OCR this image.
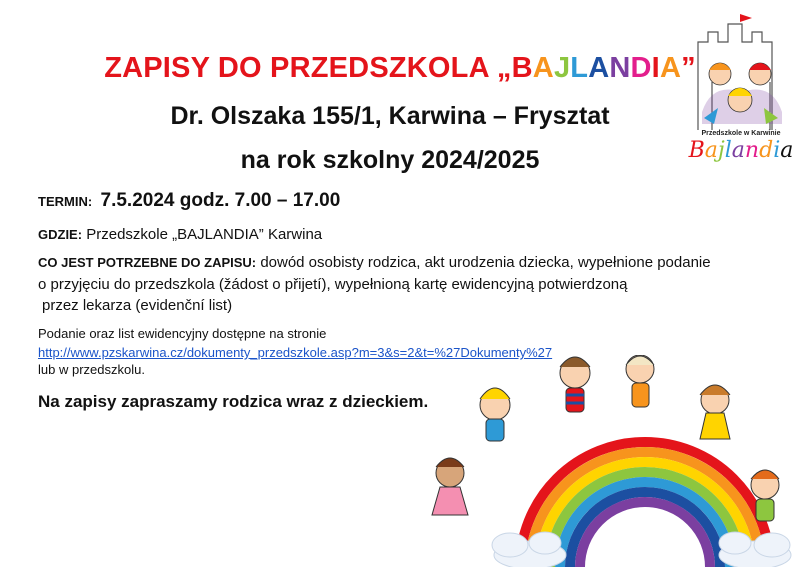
ZAPISY DO PRZEDSZKOLA „BAJLANDIA”
Dr. Olszaka 155/1, Karwina – Frysztat
na rok szkolny 2024/2025
TERMIN: 7.5.2024 godz. 7.00 – 17.00
GDZIE: Przedszkole „BAJLANDIA” Karwina
CO JEST POTRZEBNE DO ZAPISU: dowód osobisty rodzica, akt urodzenia dziecka, wypełnione podanie
o przyjęciu do przedszkola (žádost o přijetí), wypełnioną kartę ewidencyjną potwierdzoną
przez lekarza (evidenční list)
Podanie oraz list ewidencyjny dostępne na stronie
http://www.pzskarwina.cz/dokumenty_przedszkole.asp?m=3&s=2&t=%27Dokumenty%27
lub w przedszkolu.
Na zapisy zapraszamy rodzica wraz z dzieckiem.
Przedszkole w Karwinie
Bajlandia
